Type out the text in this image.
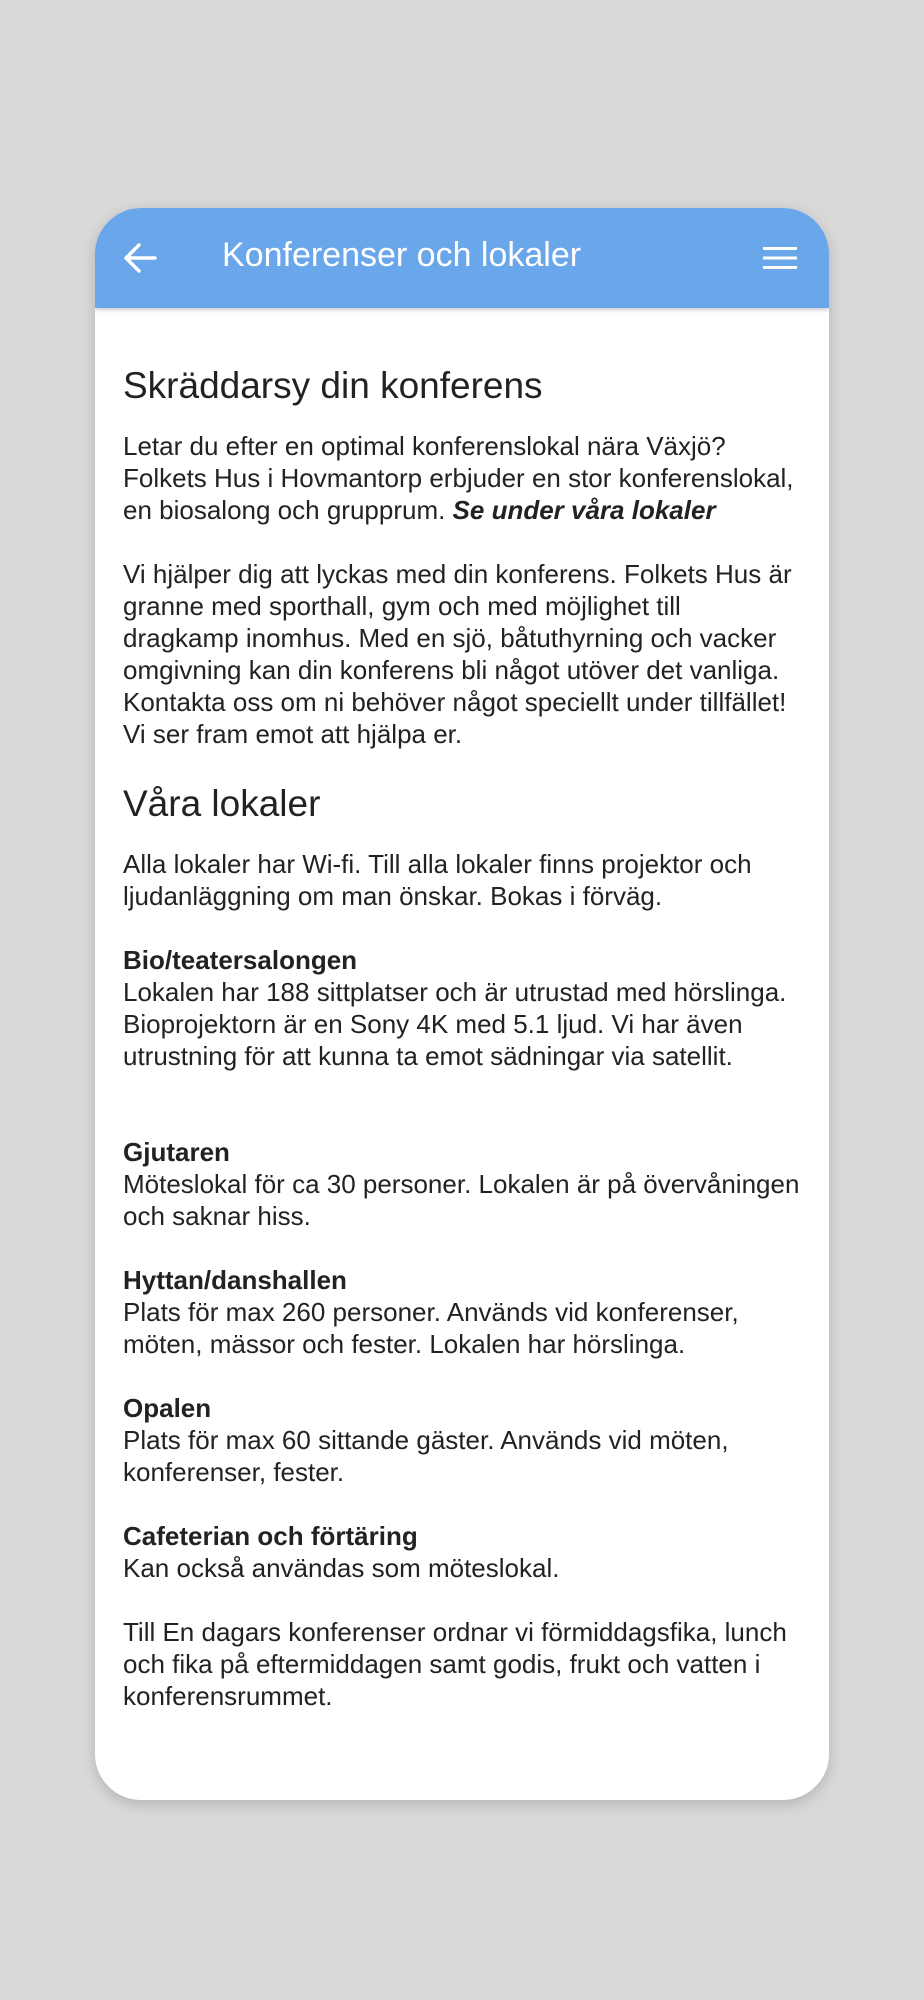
Konferenser och lokaler
Skräddarsy din konferens

Letar du efter en optimal konferenslokal nära Växjö? Folkets Hus i Hovmantorp erbjuder en stor konferenslokal, en biosalong och grupprum. Se under våra lokaler

Vi hjälper dig att lyckas med din konferens. Folkets Hus är granne med sporthall, gym och med möjlighet till dragkamp inomhus. Med en sjö, båtuthyrning och vacker omgivning kan din konferens bli något utöver det vanliga. Kontakta oss om ni behöver något speciellt under tillfället! Vi ser fram emot att hjälpa er.

Våra lokaler

Alla lokaler har Wi-fi. Till alla lokaler finns projektor och ljudanläggning om man önskar. Bokas i förväg.

Bio/teatersalongen
Lokalen har 188 sittplatser och är utrustad med hörslinga.
Bioprojektorn är en Sony 4K med 5.1 ljud. Vi har även utrustning för att kunna ta emot sädningar via satellit.

Gjutaren
Möteslokal för ca 30 personer. Lokalen är på övervåningen och saknar hiss.

Hyttan/danshallen
Plats för max 260 personer. Används vid konferenser, möten, mässor och fester. Lokalen har hörslinga.

Opalen
Plats för max 60 sittande gäster. Används vid möten, konferenser, fester.

Cafeterian och förtäring
Kan också användas som möteslokal.

Till En dagars konferenser ordnar vi förmiddagsfika, lunch och fika på eftermiddagen samt godis, frukt och vatten i konferensrummet.
